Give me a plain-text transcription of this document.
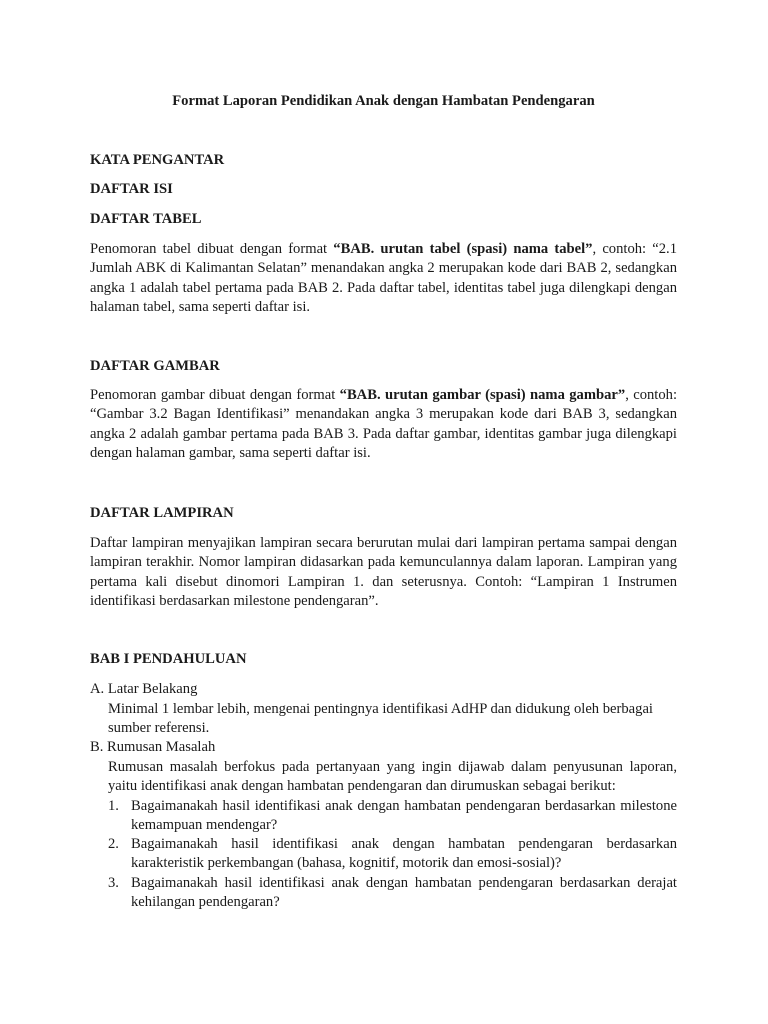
Format Laporan Pendidikan Anak dengan Hambatan Pendengaran

KATA PENGANTAR
DAFTAR ISI
DAFTAR TABEL

Penomoran tabel dibuat dengan format “BAB. urutan tabel (spasi) nama tabel”, contoh: “2.1 Jumlah ABK di Kalimantan Selatan” menandakan angka 2 merupakan kode dari BAB 2, sedangkan angka 1 adalah tabel pertama pada BAB 2. Pada daftar tabel, identitas tabel juga dilengkapi dengan halaman tabel, sama seperti daftar isi.

DAFTAR GAMBAR

Penomoran gambar dibuat dengan format “BAB. urutan gambar (spasi) nama gambar”, contoh: “Gambar 3.2 Bagan Identifikasi” menandakan angka 3 merupakan kode dari BAB 3, sedangkan angka 2 adalah gambar pertama pada BAB 3. Pada daftar gambar, identitas gambar juga dilengkapi dengan halaman gambar, sama seperti daftar isi.

DAFTAR LAMPIRAN

Daftar lampiran menyajikan lampiran secara berurutan mulai dari lampiran pertama sampai dengan lampiran terakhir. Nomor lampiran didasarkan pada kemunculannya dalam laporan. Lampiran yang pertama kali disebut dinomori Lampiran 1. dan seterusnya. Contoh: “Lampiran 1 Instrumen identifikasi berdasarkan milestone pendengaran”.

BAB I PENDAHULUAN
A. Latar Belakang
Minimal 1 lembar lebih, mengenai pentingnya identifikasi AdHP dan didukung oleh berbagai sumber referensi.
B. Rumusan Masalah
Rumusan masalah berfokus pada pertanyaan yang ingin dijawab dalam penyusunan laporan, yaitu identifikasi anak dengan hambatan pendengaran dan dirumuskan sebagai berikut:
1. Bagaimanakah hasil identifikasi anak dengan hambatan pendengaran berdasarkan milestone kemampuan mendengar?
2. Bagaimanakah hasil identifikasi anak dengan hambatan pendengaran berdasarkan karakteristik perkembangan (bahasa, kognitif, motorik dan emosi-sosial)?
3. Bagaimanakah hasil identifikasi anak dengan hambatan pendengaran berdasarkan derajat kehilangan pendengaran?
